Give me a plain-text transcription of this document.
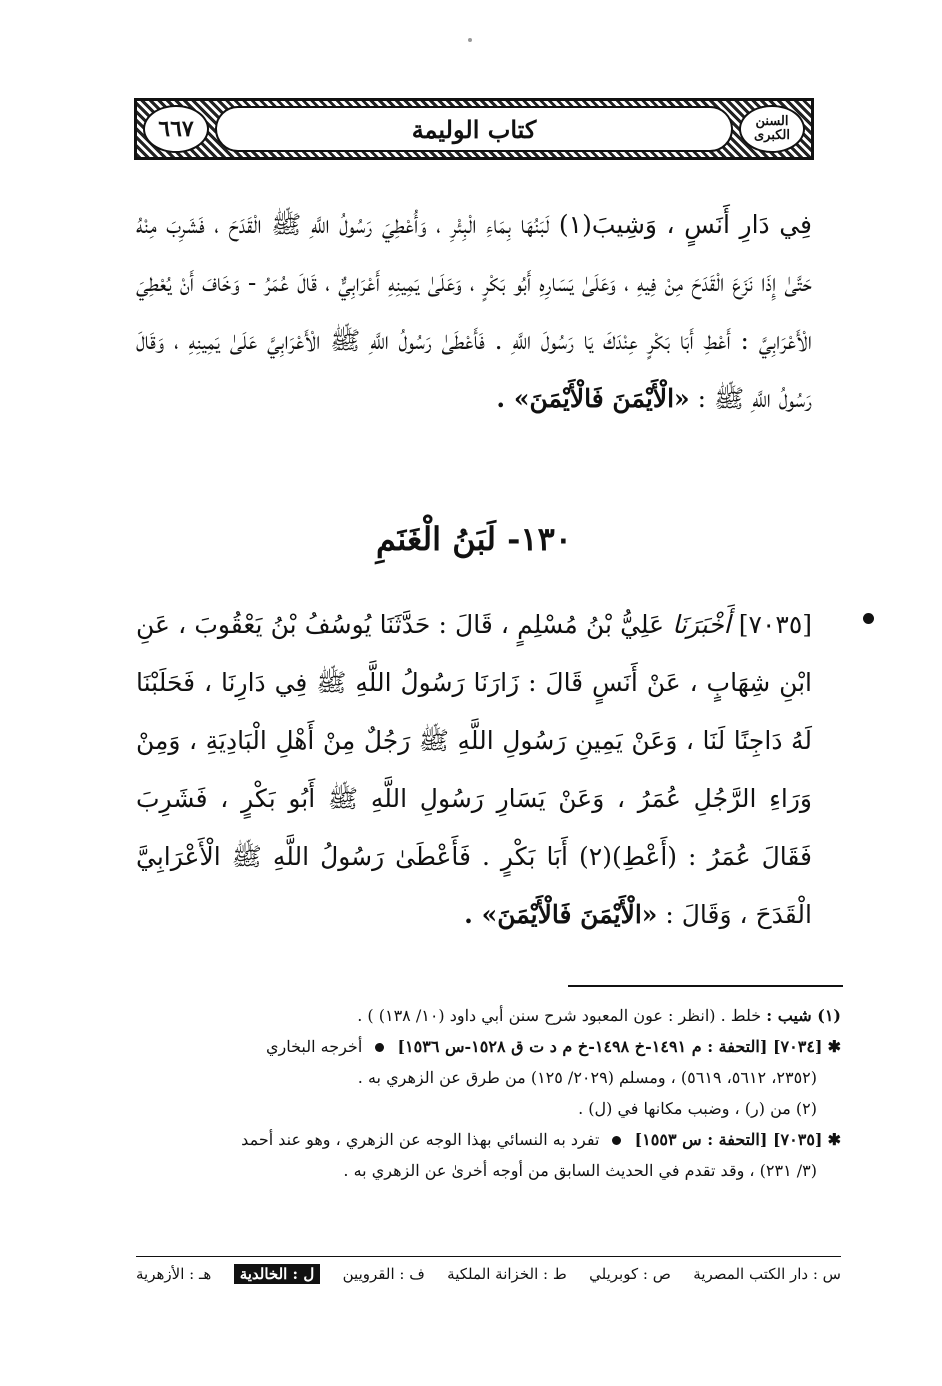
٦٦٧	كتاب الوليمة	السنن الكبرى
فِي دَارِ أَنَسٍ ، وَشِيبَ(١) لَبَنُهَا بِمَاءِ الْبِئْرِ ، وَأُعْطِيَ رَسُولُ اللَّهِ ﷺ الْقَدَحَ ، فَشَرِبَ مِنْهُ حَتَّىٰ إِذَا نَزَعَ الْقَدَحَ مِنْ فِيهِ ، وَعَلَىٰ يَسَارِهِ أَبُو بَكْرٍ ، وَعَلَىٰ يَمِينِهِ أَعْرَابِيٌّ ، قَالَ عُمَرُ - وَخَافَ أَنْ يُعْطِيَ الْأَعْرَابِيَّ : أَعْطِ أَبَا بَكْرٍ عِنْدَكَ يَا رَسُولَ اللَّهِ . فَأَعْطَىٰ رَسُولُ اللَّهِ ﷺ الْأَعْرَابِيَّ عَلَىٰ يَمِينِهِ ، وَقَالَ رَسُولُ اللَّهِ ﷺ : «الْأَيْمَنَ فَالْأَيْمَنَ» .
١٣٠- لَبَنُ الْغَنَمِ
[٧٠٣٥] أَخْبَرَنَا عَلِيُّ بْنُ مُسْلِمٍ ، قَالَ : حَدَّثَنَا يُوسُفُ بْنُ يَعْقُوبَ ، عَنِ ابْنِ شِهَابٍ ، عَنْ أَنَسٍ قَالَ : زَارَنَا رَسُولُ اللَّهِ ﷺ فِي دَارِنَا ، فَحَلَبْنَا لَهُ دَاجِنًا لَنَا ، وَعَنْ يَمِينِ رَسُولِ اللَّهِ ﷺ رَجُلٌ مِنْ أَهْلِ الْبَادِيَةِ ، وَمِنْ وَرَاءِ الرَّجُلِ عُمَرُ ، وَعَنْ يَسَارِ رَسُولِ اللَّهِ ﷺ أَبُو بَكْرٍ ، فَشَرِبَ فَقَالَ عُمَرُ : (أَعْطِ)(٢) أَبَا بَكْرٍ . فَأَعْطَىٰ رَسُولُ اللَّهِ ﷺ الْأَعْرَابِيَّ الْقَدَحَ ، وَقَالَ : «الْأَيْمَنَ فَالْأَيْمَنَ» .

(١) شيب : خلط . (انظر : عون المعبود شرح سنن أبي داود (١٠/ ١٣٨) ) .

✱ [٧٠٣٤] [التحفة : م ١٤٩١-خ ١٤٩٨-خ م د ت ق ١٥٢٨-س ١٥٣٦]  أخرجه البخاري

(٢٣٥٢، ٥٦١٢، ٥٦١٩) ، ومسلم (٢٠٢٩/ ١٢٥) من طرق عن الزهري به .

(٢) من (ر) ، وضبب مكانها في (ل) .

✱ [٧٠٣٥] [التحفة : س ١٥٥٣]  تفرد به النسائي بهذا الوجه عن الزهري ، وهو عند أحمد

(٣/ ٢٣١) ، وقد تقدم في الحديث السابق من أوجه أخرىٰ عن الزهري به .

س : دار الكتب المصرية
ص : كوبريلي
ط : الخزانة الملكية
ف : القرويين
ل : الخالدية
هـ : الأزهرية
